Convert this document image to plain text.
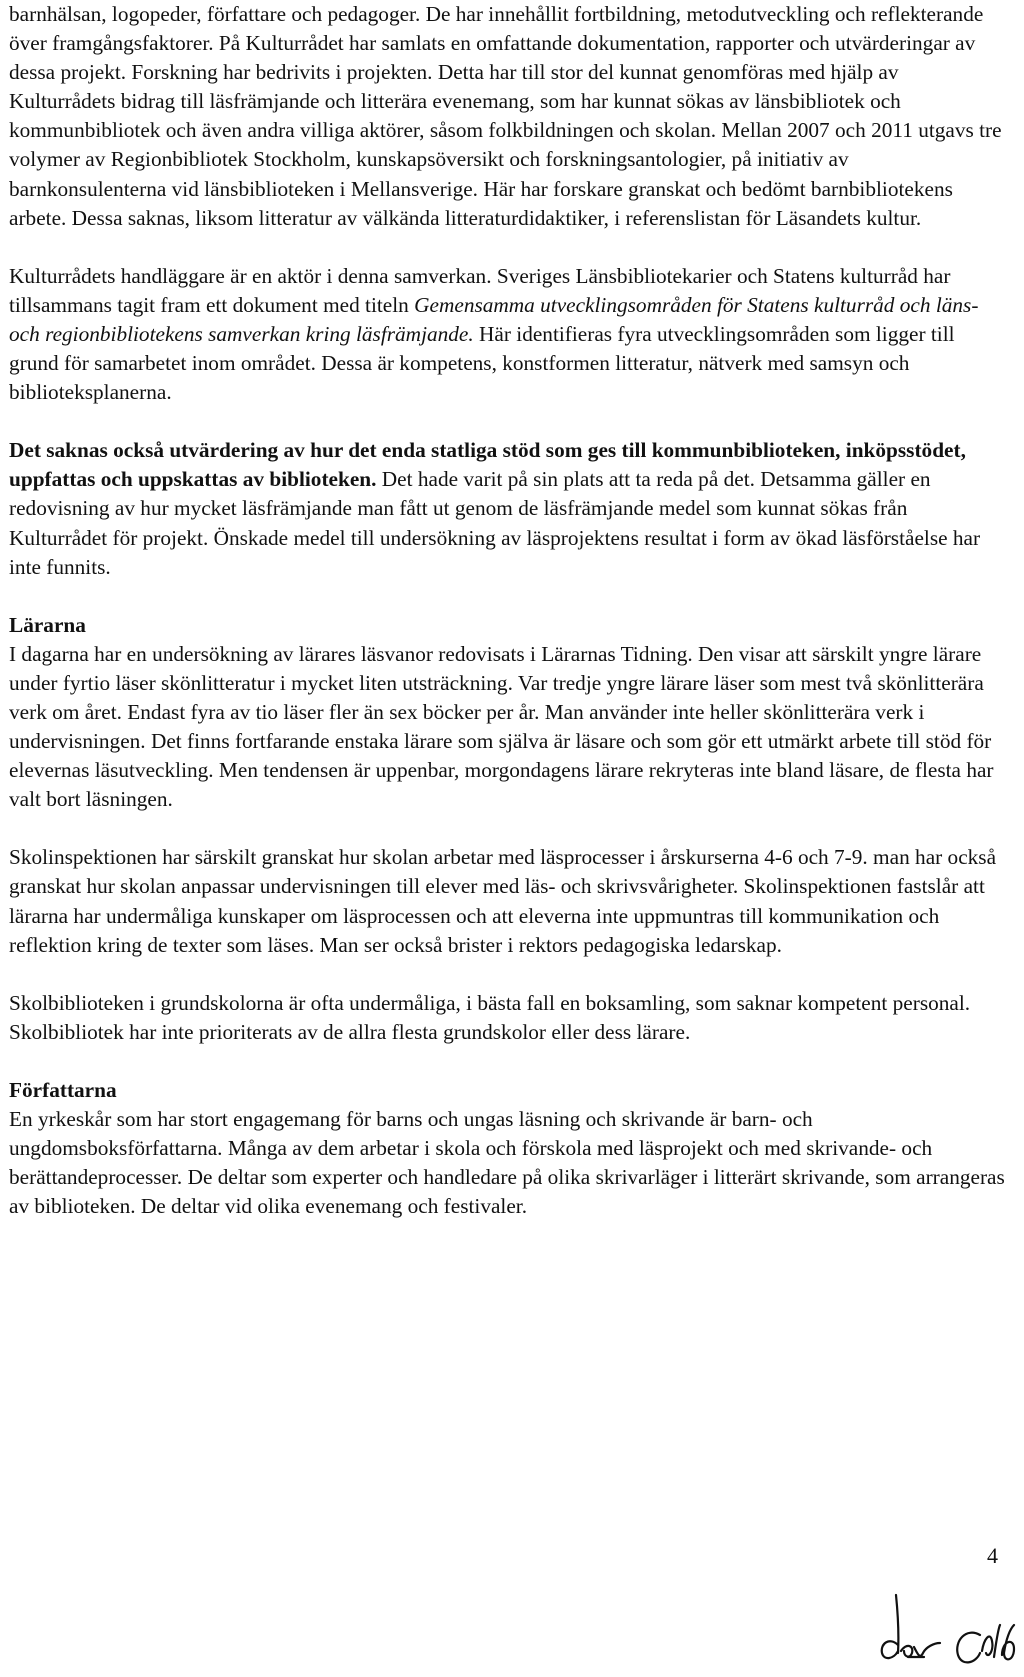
barnhälsan, logopeder, författare och pedagoger. De har innehållit fortbildning, metodutveckling och reflekterande över framgångsfaktorer. På Kulturrådet har samlats en omfattande dokumentation, rapporter och utvärderingar av dessa projekt. Forskning har bedrivits i projekten. Detta har till stor del kunnat genomföras med hjälp av Kulturrådets bidrag till läsfrämjande och litterära evenemang, som har kunnat sökas av länsbibliotek och kommunbibliotek och även andra villiga aktörer, såsom folkbildningen och skolan. Mellan 2007 och 2011 utgavs tre volymer av Regionbibliotek Stockholm, kunskapsöversikt och forskningsantologier, på initiativ av barnkonsulenterna vid länsbiblioteken i Mellansverige. Här har forskare granskat och bedömt barnbibliotekens arbete. Dessa saknas, liksom litteratur av välkända litteraturdidaktiker, i referenslistan för Läsandets kultur.

Kulturrådets handläggare är en aktör i denna samverkan. Sveriges Länsbibliotekarier och Statens kulturråd har tillsammans tagit fram ett dokument med titeln Gemensamma utvecklingsområden för Statens kulturråd och läns- och regionbibliotekens samverkan kring läsfrämjande. Här identifieras fyra utvecklingsområden som ligger till grund för samarbetet inom området. Dessa är kompetens, konstformen litteratur, nätverk med samsyn och biblioteksplanerna.

Det saknas också utvärdering av hur det enda statliga stöd som ges till kommunbiblioteken, inköpsstödet, uppfattas och uppskattas av biblioteken. Det hade varit på sin plats att ta reda på det. Detsamma gäller en redovisning av hur mycket läsfrämjande man fått ut genom de läsfrämjande medel som kunnat sökas från Kulturrådet för projekt. Önskade medel till undersökning av läsprojektens resultat i form av ökad läsförståelse har inte funnits.

Lärarna

I dagarna har en undersökning av lärares läsvanor redovisats i Lärarnas Tidning. Den visar att särskilt yngre lärare under fyrtio läser skönlitteratur i mycket liten utsträckning. Var tredje yngre lärare läser som mest två skönlitterära verk om året. Endast fyra av tio läser fler än sex böcker per år. Man använder inte heller skönlitterära verk i undervisningen. Det finns fortfarande enstaka lärare som själva är läsare och som gör ett utmärkt arbete till stöd för elevernas läsutveckling. Men tendensen är uppenbar, morgondagens lärare rekryteras inte bland läsare, de flesta har valt bort läsningen.

Skolinspektionen har särskilt granskat hur skolan arbetar med läsprocesser i årskurserna 4-6 och 7-9. man har också granskat hur skolan anpassar undervisningen till elever med läs- och skrivsvårigheter. Skolinspektionen fastslår att lärarna har undermåliga kunskaper om läsprocessen och att eleverna inte uppmuntras till kommunikation och reflektion kring de texter som läses. Man ser också brister i rektors pedagogiska ledarskap.

Skolbiblioteken i grundskolorna är ofta undermåliga, i bästa fall en boksamling, som saknar kompetent personal. Skolbibliotek har inte prioriterats av de allra flesta grundskolor eller dess lärare.

Författarna

En yrkeskår som har stort engagemang för barns och ungas läsning och skrivande är barn- och ungdomsboksförfattarna. Många av dem arbetar i skola och förskola med läsprojekt och med skrivande- och berättandeprocesser. De deltar som experter och handledare på olika skrivarläger i litterärt skrivande, som arrangeras av biblioteken. De deltar vid olika evenemang och festivaler.

4
